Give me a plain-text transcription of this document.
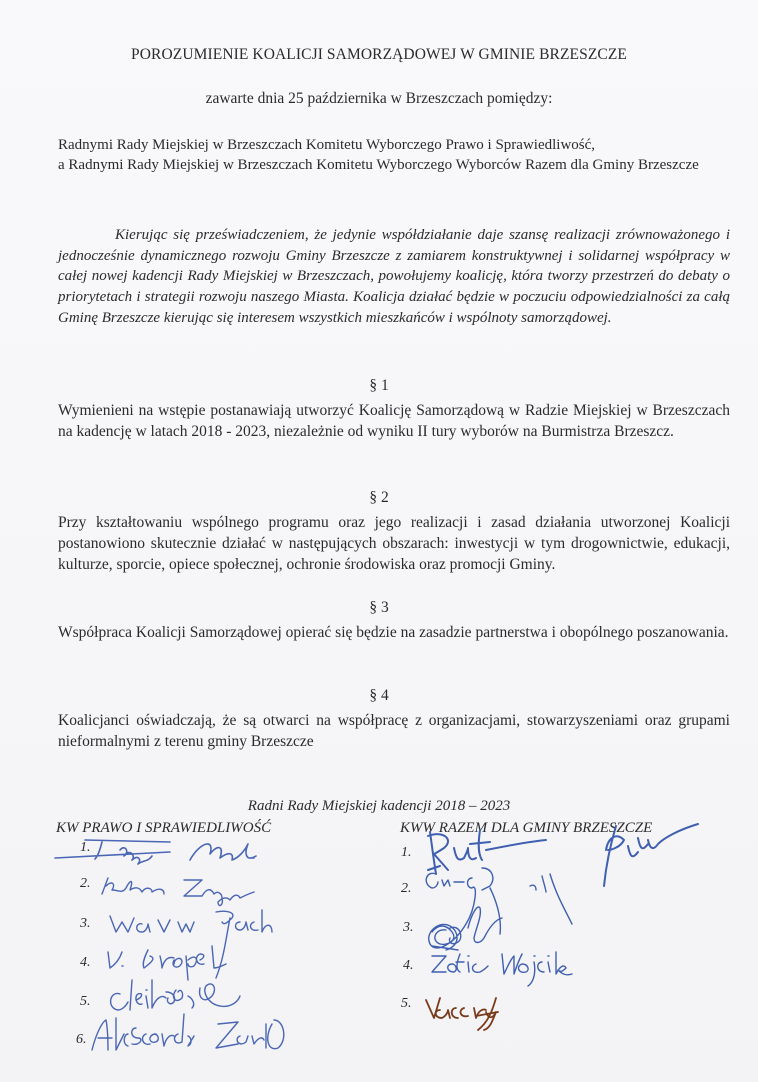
POROZUMIENIE KOALICJI SAMORZĄDOWEJ W GMINIE BRZESZCZE
zawarte dnia 25 października w Brzeszczach pomiędzy:

Radnymi Rady Miejskiej w Brzeszczach Komitetu Wyborczego Prawo i Sprawiedliwość,

a Radnymi Rady Miejskiej w Brzeszczach Komitetu Wyborczego Wyborców Razem dla Gminy Brzeszcze

Kierując się przeświadczeniem, że jedynie współdziałanie daje szansę realizacji zrównoważonego i jednocześnie dynamicznego rozwoju Gminy Brzeszcze z zamiarem konstruktywnej i solidarnej współpracy w całej nowej kadencji Rady Miejskiej w Brzeszczach, powołujemy koalicję, która tworzy przestrzeń do debaty o priorytetach i strategii rozwoju naszego Miasta. Koalicja działać będzie w poczuciu odpowiedzialności za całą Gminę Brzeszcze kierując się interesem wszystkich mieszkańców i wspólnoty samorządowej.

§ 1

Wymienieni na wstępie postanawiają utworzyć Koalicję Samorządową w Radzie Miejskiej w Brzeszczach na kadencję w latach 2018 - 2023, niezależnie od wyniku II tury wyborów na Burmistrza Brzeszcz.

§ 2

Przy kształtowaniu wspólnego programu oraz jego realizacji i zasad działania utworzonej Koalicji postanowiono skutecznie działać w następujących obszarach: inwestycji w tym drogownictwie, edukacji, kulturze, sporcie, opiece społecznej, ochronie środowiska oraz promocji Gminy.

§ 3

Współpraca Koalicji Samorządowej opierać się będzie na zasadzie partnerstwa i obopólnego poszanowania.

§ 4

Koalicjanci oświadczają, że są otwarci na współpracę z organizacjami, stowarzyszeniami oraz grupami nieformalnymi z terenu gminy Brzeszcze

Radni Rady Miejskiej kadencji 2018 – 2023
KW PRAWO I SPRAWIEDLIWOŚĆ	KWW RAZEM DLA GMINY BRZESZCZE
1.
2.
3.
4.
5.
6.
1.
2.
3.
4.
5.
